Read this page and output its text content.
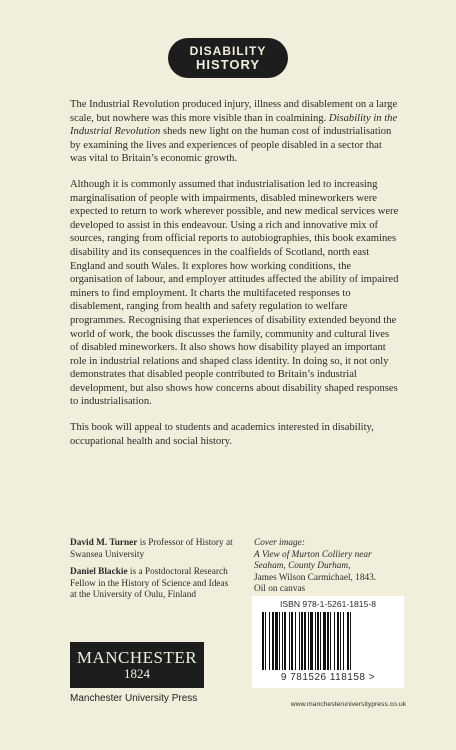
DISABILITY
HISTORY

The Industrial Revolution produced injury, illness and disablement on a large scale, but nowhere was this more visible than in coalmining. Disability in the Industrial Revolution sheds new light on the human cost of industrialisation by examining the lives and experiences of people disabled in a sector that was vital to Britain’s economic growth.

Although it is commonly assumed that industrialisation led to increasing marginalisation of people with impairments, disabled mineworkers were expected to return to work wherever possible, and new medical services were developed to assist in this endeavour. Using a rich and innovative mix of sources, ranging from official reports to autobiographies, this book examines disability and its consequences in the coalfields of Scotland, north east England and south Wales. It explores how working conditions, the organisation of labour, and employer attitudes affected the ability of impaired miners to find employment. It charts the multifaceted responses to disablement, ranging from health and safety regulation to welfare programmes. Recognising that experiences of disability extended beyond the world of work, the book discusses the family, community and cultural lives of disabled mineworkers. It also shows how disability played an important role in industrial relations and shaped class identity. In doing so, it not only demonstrates that disabled people contributed to Britain’s industrial development, but also shows how concerns about disability shaped responses to industrialisation.

This book will appeal to students and academics interested in disability, occupational health and social history.

David M. Turner is Professor of History at Swansea University

Daniel Blackie is a Postdoctoral Research Fellow in the History of Science and Ideas at the University of Oulu, Finland

Cover image:
A View of Murton Colliery near Seaham, County Durham,
James Wilson Carmichael, 1843.
Oil on canvas
ISBN 978-1-5261-1815-8
9 781526 118158 >
MANCHESTER
1824
Manchester University Press
www.manchesteruniversitypress.co.uk
